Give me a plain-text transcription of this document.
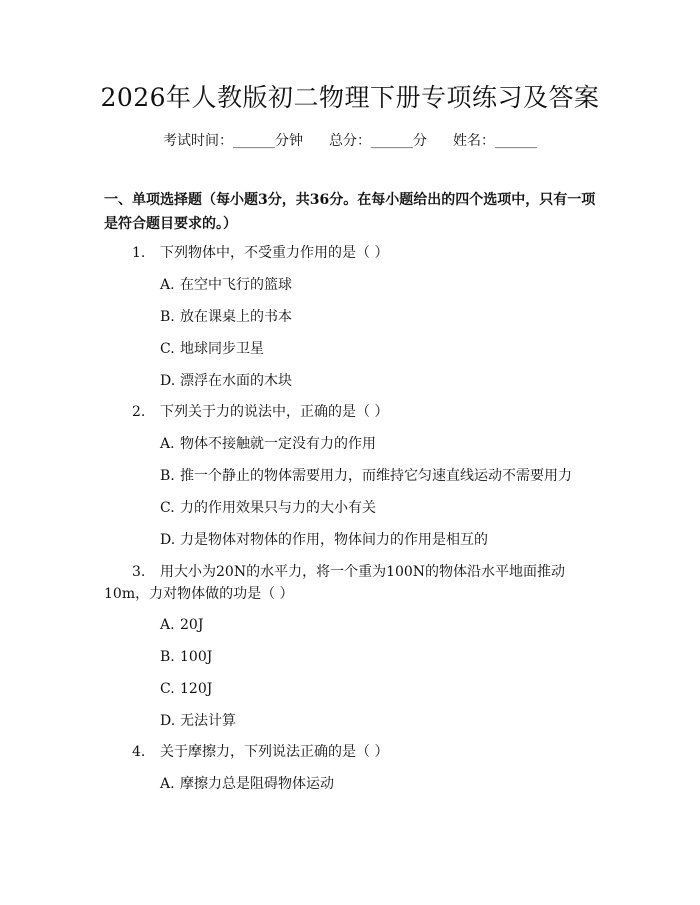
2026年人教版初二物理下册专项练习及答案
考试时间：______分钟 总分：______分 姓名：______
一、单项选择题（每小题3分，共36分。在每小题给出的四个选项中，只有一项是符合题目要求的。）
1. 下列物体中，不受重力作用的是（ ）
A. 在空中飞行的篮球
B. 放在课桌上的书本
C. 地球同步卫星
D. 漂浮在水面的木块
2. 下列关于力的说法中，正确的是（ ）
A. 物体不接触就一定没有力的作用
B. 推一个静止的物体需要用力，而维持它匀速直线运动不需要用力
C. 力的作用效果只与力的大小有关
D. 力是物体对物体的作用，物体间力的作用是相互的
3. 用大小为20N的水平力，将一个重为100N的物体沿水平地面推动10m，力对物体做的功是（ ）
A. 20J
B. 100J
C. 120J
D. 无法计算
4. 关于摩擦力，下列说法正确的是（ ）
A. 摩擦力总是阻碍物体运动
